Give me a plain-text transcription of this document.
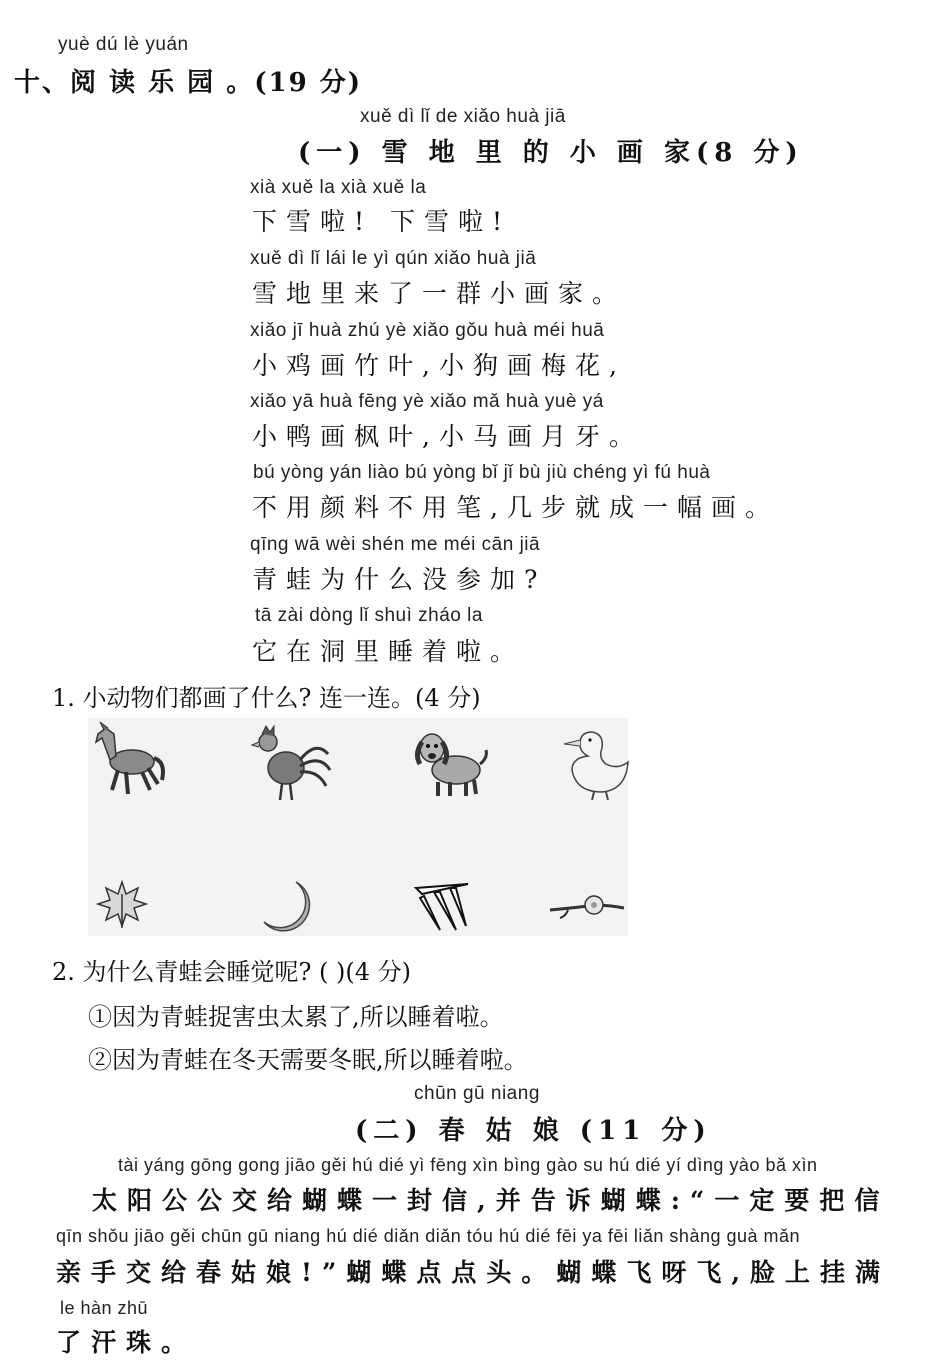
yuè dú lè yuán
十、阅 读 乐 园 。(19 分)
xuě dì lǐ de xiǎo huà jiā
(一) 雪 地 里 的 小 画 家(8 分)
xià xuě la xià xuě la
下雪啦! 下雪啦!
xuě dì lǐ lái le yì qún xiǎo huà jiā
雪地里来了一群小画家。
xiǎo jī huà zhú yè xiǎo gǒu huà méi huā
小鸡画竹叶,小狗画梅花,
xiǎo yā huà fēng yè xiǎo mǎ huà yuè yá
小鸭画枫叶,小马画月牙。
bú yòng yán liào bú yòng bǐ jǐ bù jiù chéng yì fú huà
不用颜料不用笔,几步就成一幅画。
qīng wā wèi shén me méi cān jiā
青蛙为什么没参加?
tā zài dòng lǐ shuì zháo la
它在洞里睡着啦。
1. 小动物们都画了什么? 连一连。(4 分)
2. 为什么青蛙会睡觉呢? ( )(4 分)
①因为青蛙捉害虫太累了,所以睡着啦。
②因为青蛙在冬天需要冬眠,所以睡着啦。
chūn gū niang
(二) 春 姑 娘 (11 分)
tài yáng gōng gong jiāo gěi hú dié yì fēng xìn bìng gào su hú dié yí dìng yào bǎ xìn
太阳公公交给蝴蝶一封信,并告诉蝴蝶:“一定要把信
qīn shǒu jiāo gěi chūn gū niang hú dié diǎn diǎn tóu hú dié fēi ya fēi liǎn shàng guà mǎn
亲手交给春姑娘!”蝴蝶点点头。蝴蝶飞呀飞,脸上挂满
le hàn zhū
了汗珠。
